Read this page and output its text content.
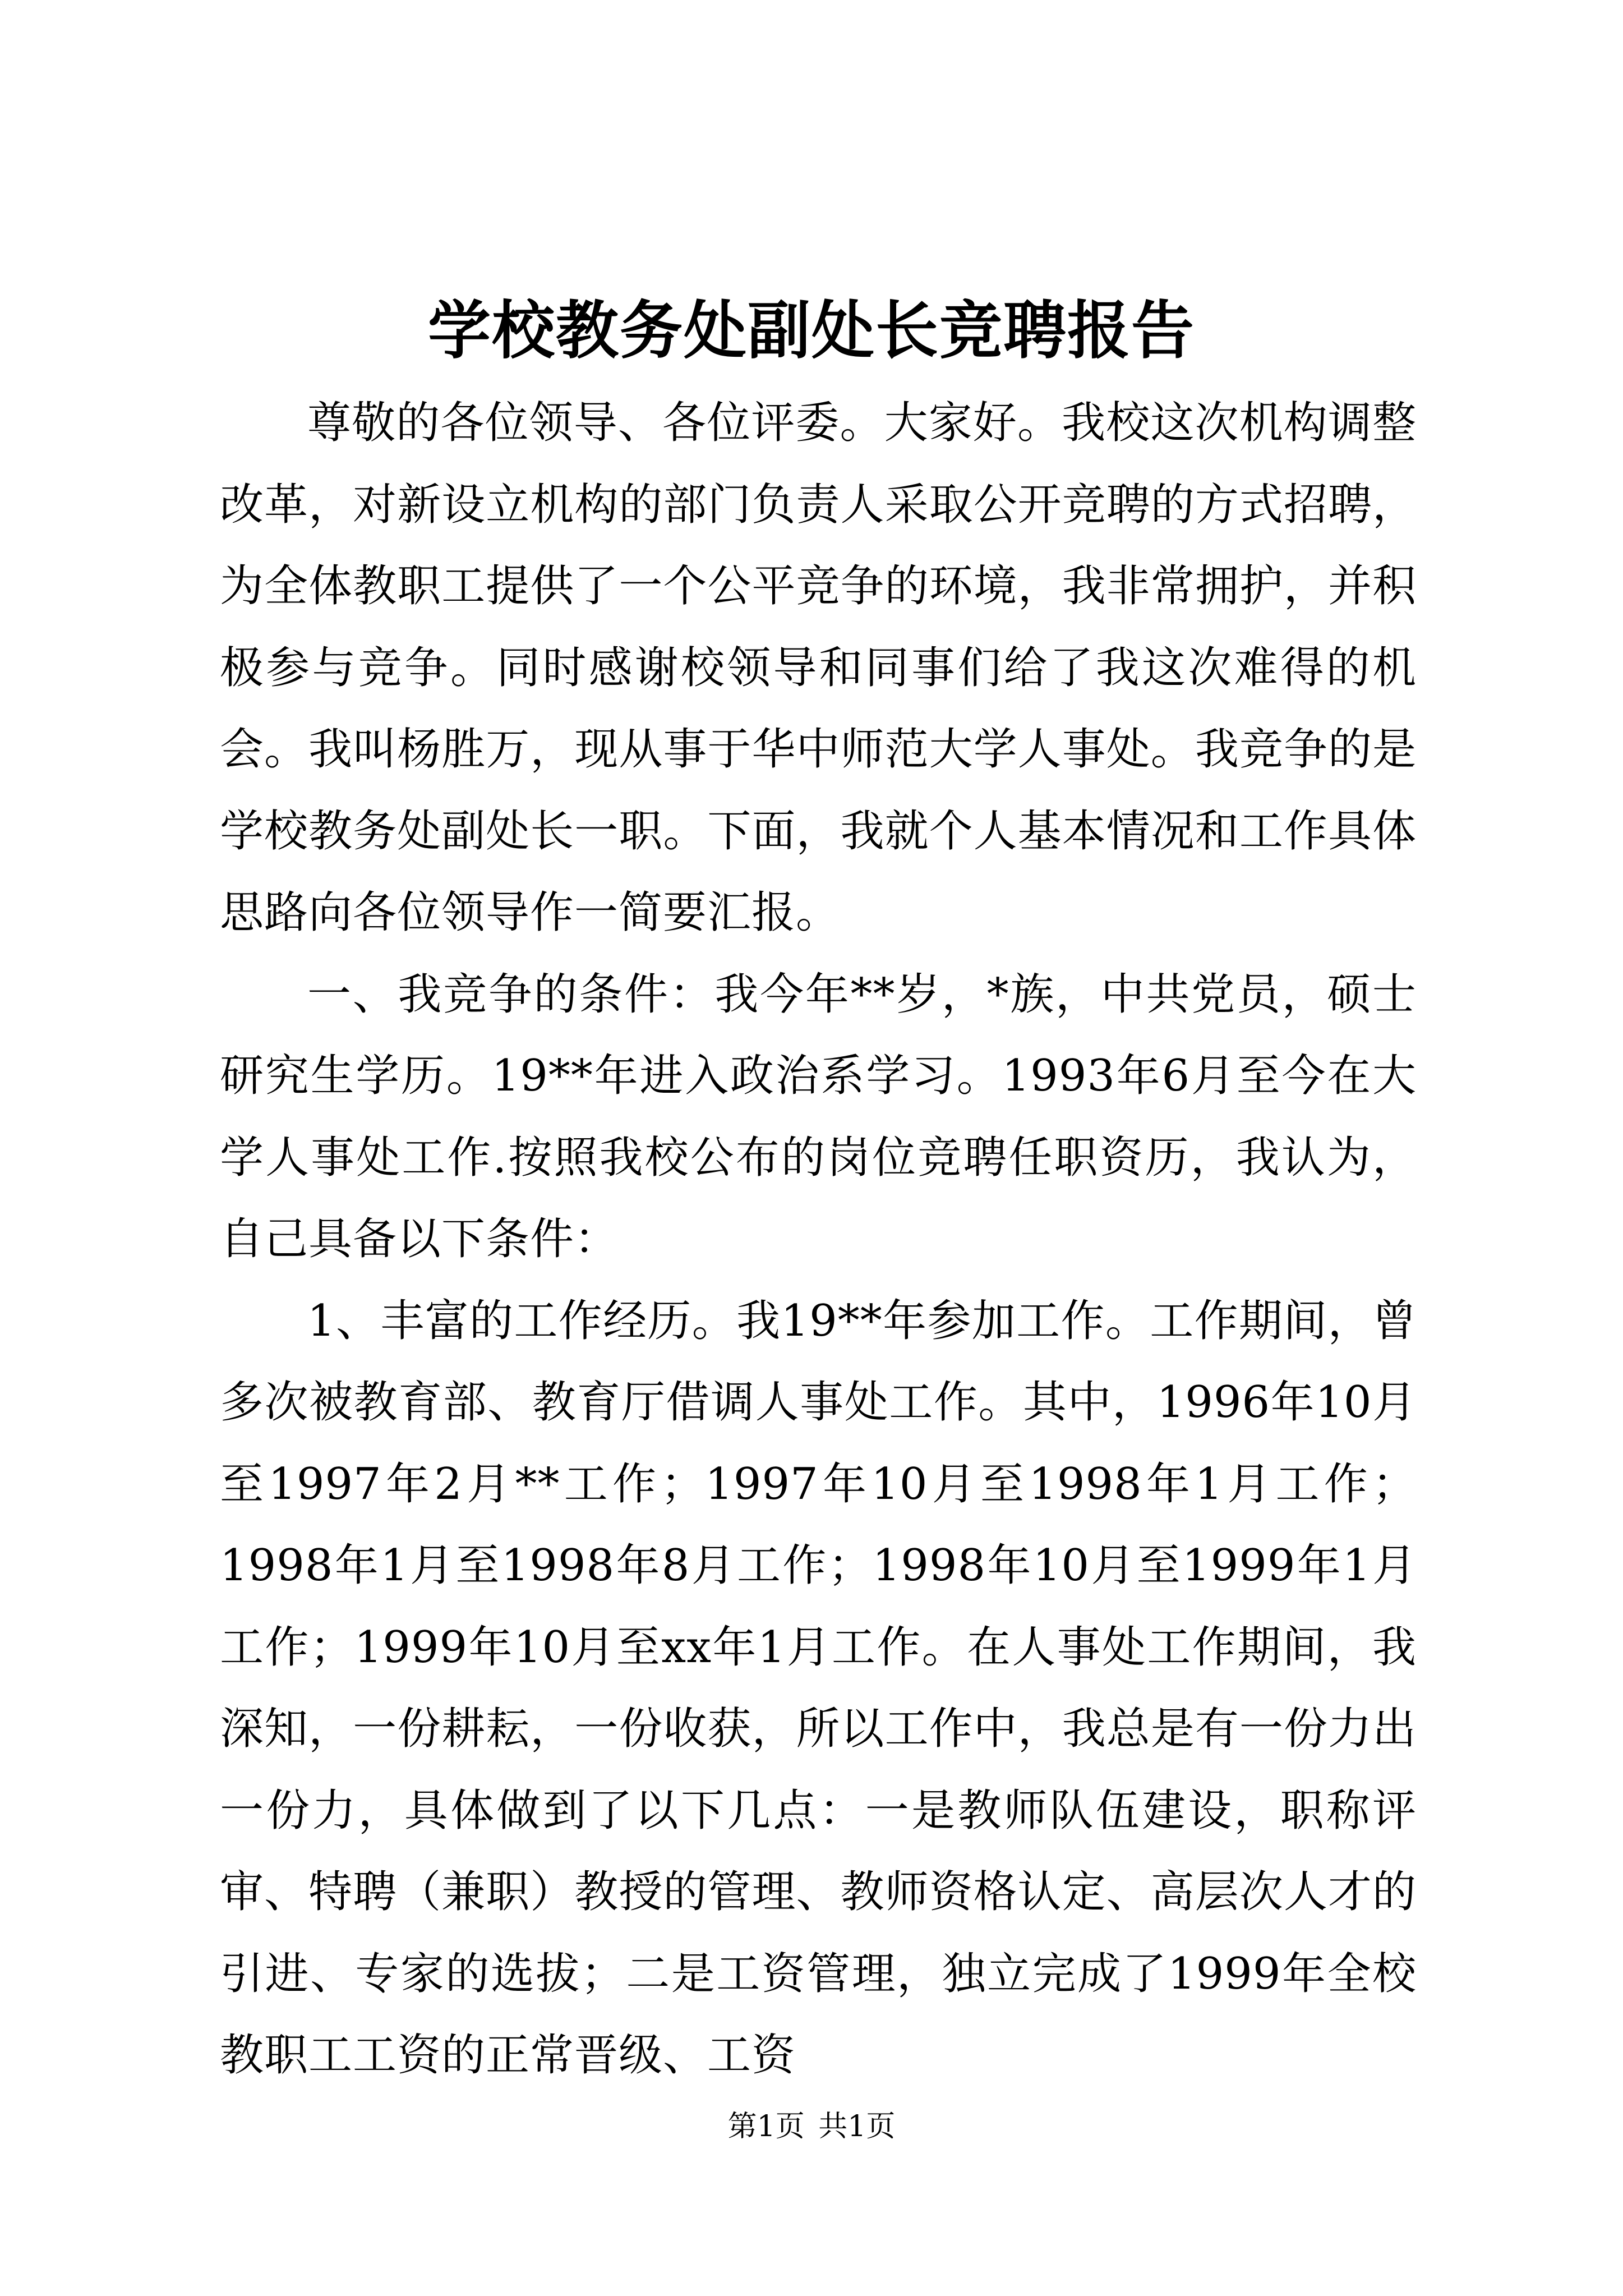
学校教务处副处长竞聘报告

尊敬的各位领导、各位评委。大家好。我校这次机构调整改革，对新设立机构的部门负责人采取公开竞聘的方式招聘，为全体教职工提供了一个公平竞争的环境，我非常拥护，并积极参与竞争。同时感谢校领导和同事们给了我这次难得的机会。我叫杨胜万，现从事于华中师范大学人事处。我竞争的是学校教务处副处长一职。下面，我就个人基本情况和工作具体思路向各位领导作一简要汇报。

一、我竞争的条件：我今年**岁，*族，中共党员，硕士研究生学历。19**年进入政治系学习。1993年6月至今在大学人事处工作.按照我校公布的岗位竞聘任职资历，我认为，自己具备以下条件：

1、丰富的工作经历。我19**年参加工作。工作期间，曾多次被教育部、教育厅借调人事处工作。其中，1996年10月至1997年2月**工作；1997年10月至1998年1月工作；1998年1月至1998年8月工作；1998年10月至1999年1月工作；1999年10月至xx年1月工作。在人事处工作期间，我深知，一份耕耘，一份收获，所以工作中，我总是有一份力出一份力，具体做到了以下几点：一是教师队伍建设，职称评审、特聘（兼职）教授的管理、教师资格认定、高层次人才的引进、专家的选拔；二是工资管理，独立完成了1999年全校教职工工资的正常晋级、工资

第1页 共1页
